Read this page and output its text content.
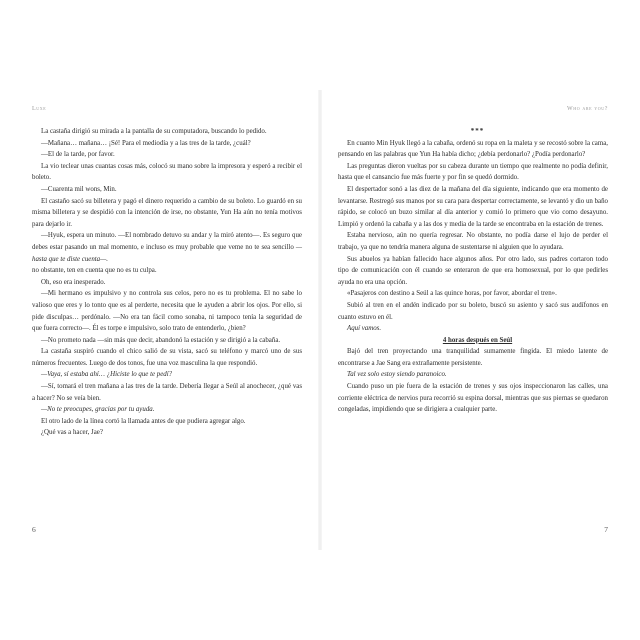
Luxe

La castaña dirigió su mirada a la pantalla de su computadora, buscando lo pedido.

—Mañana… mañana… ¡Sé! Para el mediodía y a las tres de la tarde, ¿cuál?

—El de la tarde, por favor.

La vio teclear unas cuantas cosas más, colocó su mano sobre la impresora y esperó a recibir el boleto.

—Cuarenta mil wons, Min.

El castaño sacó su billetera y pagó el dinero requerido a cambio de su boleto. Lo guardó en su misma billetera y se despidió con la intención de irse, no obstante, Yun Ha aún no tenía motivos para dejarlo ir.

—Hyuk, espera un minuto. —El nombrado detuvo su andar y la miró atento—. Es seguro que debes estar pasando un mal momento, e incluso es muy probable que veme no te sea sencillo —hasta que te diste cuenta—.

no obstante, ten en cuenta que no es tu culpa.

Oh, eso era inesperado.

—Mi hermano es impulsivo y no controla sus celos, pero no es tu problema. El no sabe lo valioso que eres y lo tonto que es al perderte, necesita que le ayuden a abrir los ojos. Por ello, si pide disculpas… perdónalo. —No era tan fácil como sonaba, ni tampoco tenía la seguridad de que fuera correcto—. Él es torpe e impulsivo, solo trato de entenderlo, ¿bien?

—No prometo nada —sin más que decir, abandonó la estación y se dirigió a la cabaña.

La castaña suspiró cuando el chico salió de su vista, sacó su teléfono y marcó uno de sus números frecuentes. Luego de dos tonos, fue una voz masculina la que respondió.

—Vaya, sí estaba ahí… ¿Hiciste lo que te pedí?

—Sí, tomará el tren mañana a las tres de la tarde. Debería llegar a Seúl al anochecer, ¿qué vas a hacer? No se veía bien.

—No te preocupes, gracias por tu ayuda.

El otro lado de la línea cortó la llamada antes de que pudiera agregar algo.

¿Qué vas a hacer, Jae?

6
Who are you?

***

En cuanto Min Hyuk llegó a la cabaña, ordenó su ropa en la maleta y se recostó sobre la cama, pensando en las palabras que Yun Ha había dicho; ¿debía perdonarlo? ¿Podía perdonarlo?

Las preguntas dieron vueltas por su cabeza durante un tiempo que realmente no podía definir, hasta que el cansancio fue más fuerte y por fin se quedó dormido.

El despertador sonó a las diez de la mañana del día siguiente, indicando que era momento de levantarse. Restregó sus manos por su cara para despertar correctamente, se levantó y dio un baño rápido, se colocó un buzo similar al día anterior y comió lo primero que vio como desayuno. Limpió y ordenó la cabaña y a las dos y media de la tarde se encontraba en la estación de trenes.

Estaba nervioso, aún no quería regresar. No obstante, no podía darse el lujo de perder el trabajo, ya que no tendría manera alguna de sustentarse ni alguien que lo ayudara.

Sus abuelos ya habían fallecido hace algunos años. Por otro lado, sus padres cortaron todo tipo de comunicación con él cuando se enteraron de que era homosexual, por lo que pedirles ayuda no era una opción.

«Pasajeros con destino a Seúl a las quince horas, por favor, abordar el tren».

Subió al tren en el andén indicado por su boleto, buscó su asiento y sacó sus audífonos en cuanto estuvo en él.

Aquí vamos.

4 horas después en Seúl

Bajó del tren proyectando una tranquilidad sumamente fingida. El miedo latente de encontrarse a Jae Sang era extrañamente persistente.

Tal vez solo estoy siendo paranoico.

Cuando puso un pie fuera de la estación de trenes y sus ojos inspeccionaron las calles, una corriente eléctrica de nervios pura recorrió su espina dorsal, mientras que sus piernas se quedaron congeladas, impidiendo que se dirigiera a cualquier parte.

7
